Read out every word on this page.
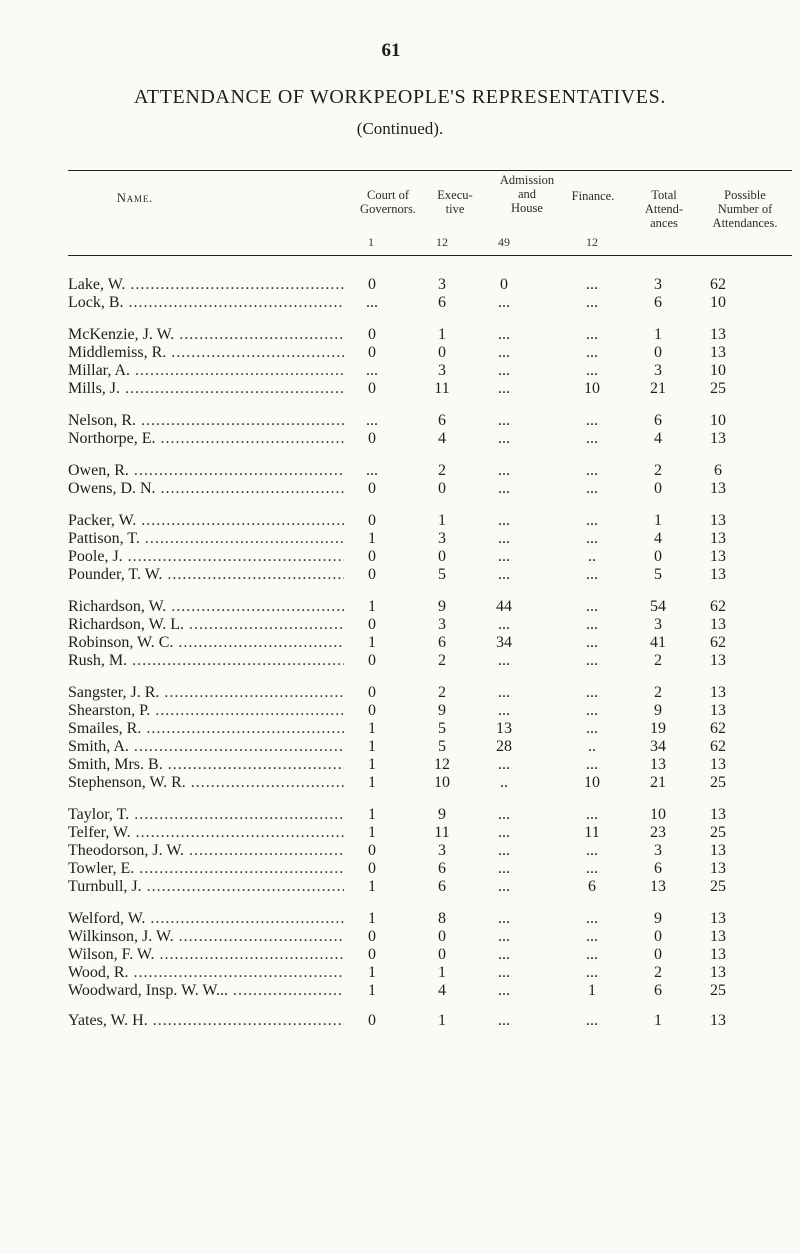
61
ATTENDANCE OF WORKPEOPLE'S REPRESENTATIVES.
(Continued).
Name.	Court of
Governors.
Execu-
tive
Admission
and
House
Finance.	Total
Attend-
ances
Possible
Number of
Attendances.
1	12	49	12
Lake, W. .....	0	3	0	...	3	62
Lock, B. .....	...	6	...	...	6	10
McKenzie, J. W. .....	0	1	...	...	1	13
Middlemiss, R. .....	0	0	...	...	0	13
Millar, A. .....	...	3	...	...	3	10
Mills, J. .....	0	11	...	10	21	25
Nelson, R. .....	...	6	...	...	6	10
Northorpe, E. .....	0	4	...	...	4	13
Owen, R. .....	...	2	...	...	2	6
Owens, D. N. .....	0	0	...	...	0	13
Packer, W. .....	0	1	...	...	1	13
Pattison, T. .....	1	3	...	...	4	13
Poole, J. .....	0	0	...	..	0	13
Pounder, T. W. .....	0	5	...	...	5	13
Richardson, W. .....	1	9	44	...	54	62
Richardson, W. L. .....	0	3	...	...	3	13
Robinson, W. C. .....	1	6	34	...	41	62
Rush, M. .....	0	2	...	...	2	13
Sangster, J. R. .....	0	2	...	...	2	13
Shearston, P. .....	0	9	...	...	9	13
Smailes, R. .....	1	5	13	...	19	62
Smith, A. .....	1	5	28	..	34	62
Smith, Mrs. B. .....	1	12	...	...	13	13
Stephenson, W. R. .....	1	10	..	10	21	25
Taylor, T. .....	1	9	...	...	10	13
Telfer, W. .....	1	11	...	11	23	25
Theodorson, J. W. .....	0	3	...	...	3	13
Towler, E. .....	0	6	...	...	6	13
Turnbull, J. .....	1	6	...	6	13	25
Welford, W. .....	1	8	...	...	9	13
Wilkinson, J. W. .....	0	0	...	...	0	13
Wilson, F. W. .....	0	0	...	...	0	13
Wood, R. .....	1	1	...	...	2	13
Woodward, Insp. W. W... .....	1	4	...	1	6	25
Yates, W. H. .....	0	1	...	...	1	13
